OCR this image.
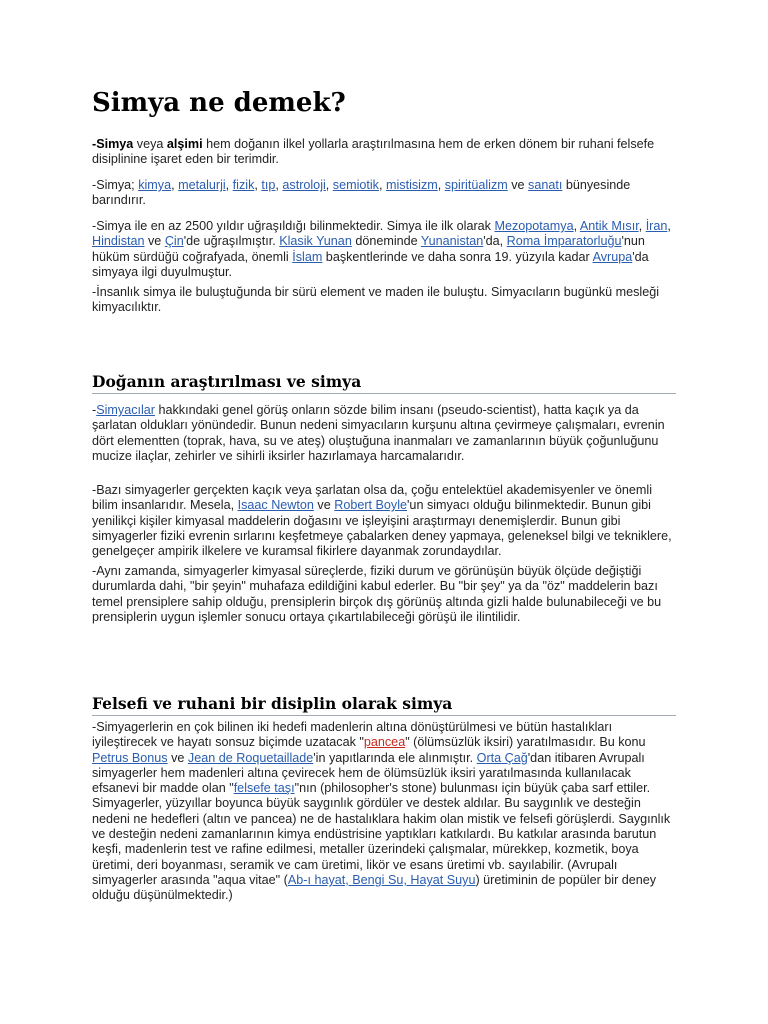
Simya ne demek?

-Simya veya alşimi hem doğanın ilkel yollarla araştırılmasına hem de erken dönem bir ruhani felsefe disiplinine işaret eden bir terimdir.

-Simya; kimya, metalurji, fizik, tıp, astroloji, semiotik, mistisizm, spiritüalizm ve sanatı bünyesinde barındırır.

-Simya ile en az 2500 yıldır uğraşıldığı bilinmektedir. Simya ile ilk olarak Mezopotamya, Antik Mısır, İran, Hindistan ve Çin'de uğraşılmıştır. Klasik Yunan döneminde Yunanistan'da, Roma İmparatorluğu'nun hüküm sürdüğü coğrafyada, önemli İslam başkentlerinde ve daha sonra 19. yüzyıla kadar Avrupa'da simyaya ilgi duyulmuştur.

-İnsanlık simya ile buluştuğunda bir sürü element ve maden ile buluştu. Simyacıların bugünkü mesleği kimyacılıktır.

Doğanın araştırılması ve simya

-Simyacılar hakkındaki genel görüş onların sözde bilim insanı (pseudo-scientist), hatta kaçık ya da şarlatan oldukları yönündedir. Bunun nedeni simyacıların kurşunu altına çevirmeye çalışmaları, evrenin dört elementten (toprak, hava, su ve ateş) oluştuğuna inanmaları ve zamanlarının büyük çoğunluğunu mucize ilaçlar, zehirler ve sihirli iksirler hazırlamaya harcamalarıdır.

-Bazı simyagerler gerçekten kaçık veya şarlatan olsa da, çoğu entelektüel akademisyenler ve önemli bilim insanlarıdır. Mesela, Isaac Newton ve Robert Boyle'un simyacı olduğu bilinmektedir. Bunun gibi yenilikçi kişiler kimyasal maddelerin doğasını ve işleyişini araştırmayı denemişlerdir. Bunun gibi simyagerler fiziki evrenin sırlarını keşfetmeye çabalarken deney yapmaya, geleneksel bilgi ve tekniklere, genelgeçer ampirik ilkelere ve kuramsal fikirlere dayanmak zorundaydılar.

-Aynı zamanda, simyagerler kimyasal süreçlerde, fiziki durum ve görünüşün büyük ölçüde değiştiği durumlarda dahi, "bir şeyin" muhafaza edildiğini kabul ederler. Bu "bir şey" ya da "öz" maddelerin bazı temel prensiplere sahip olduğu, prensiplerin birçok dış görünüş altında gizli halde bulunabileceği ve bu prensiplerin uygun işlemler sonucu ortaya çıkartılabileceği görüşü ile ilintilidir.

Felsefi ve ruhani bir disiplin olarak simya

-Simyagerlerin en çok bilinen iki hedefi madenlerin altına dönüştürülmesi ve bütün hastalıkları iyileştirecek ve hayatı sonsuz biçimde uzatacak "pancea" (ölümsüzlük iksiri) yaratılmasıdır. Bu konu Petrus Bonus ve Jean de Roquetaillade'in yapıtlarında ele alınmıştır. Orta Çağ'dan itibaren Avrupalı simyagerler hem madenleri altına çevirecek hem de ölümsüzlük iksiri yaratılmasında kullanılacak efsanevi bir madde olan "felsefe taşı"nın (philosopher's stone) bulunması için büyük çaba sarf ettiler. Simyagerler, yüzyıllar boyunca büyük saygınlık gördüler ve destek aldılar. Bu saygınlık ve desteğin nedeni ne hedefleri (altın ve pancea) ne de hastalıklara hakim olan mistik ve felsefi görüşlerdi. Saygınlık ve desteğin nedeni zamanlarının kimya endüstrisine yaptıkları katkılardı. Bu katkılar arasında barutun keşfi, madenlerin test ve rafine edilmesi, metaller üzerindeki çalışmalar, mürekkep, kozmetik, boya üretimi, deri boyanması, seramik ve cam üretimi, likör ve esans üretimi vb. sayılabilir. (Avrupalı simyagerler arasında "aqua vitae" (Ab-ı hayat, Bengi Su, Hayat Suyu) üretiminin de popüler bir deney olduğu düşünülmektedir.)
